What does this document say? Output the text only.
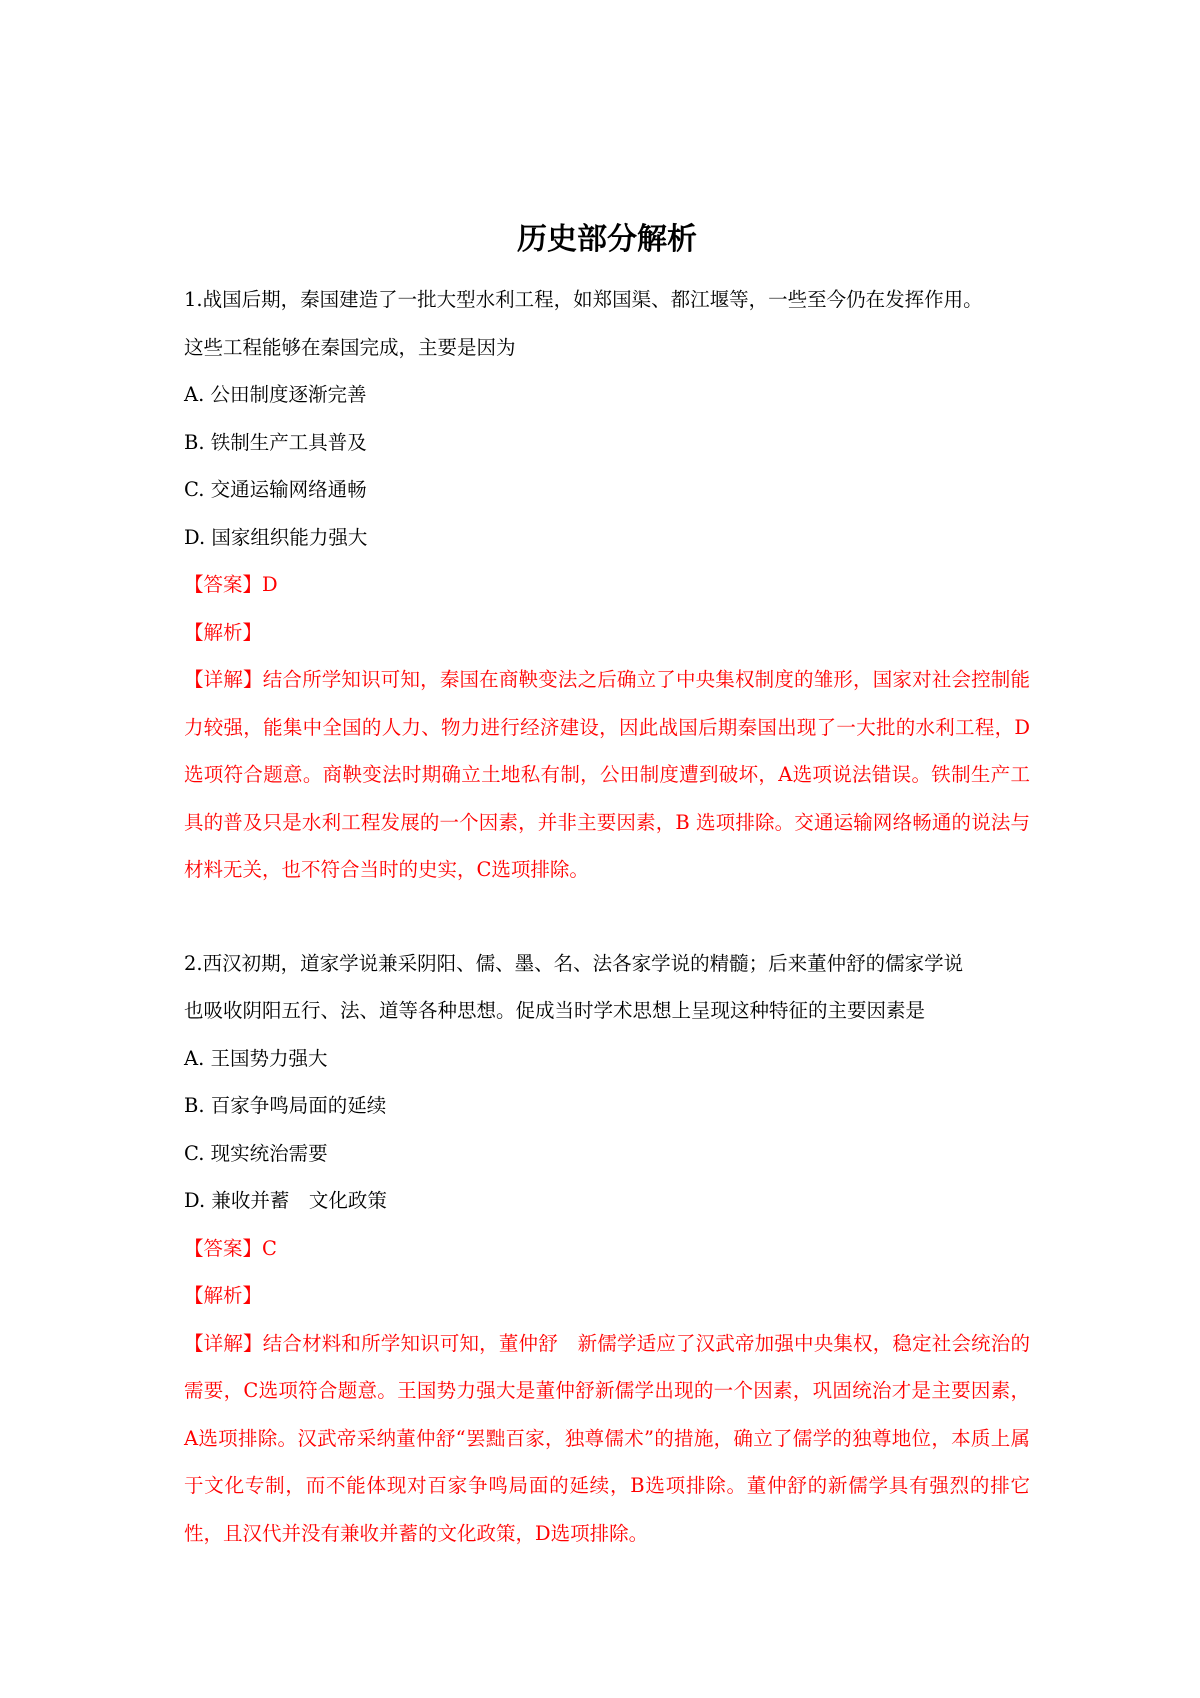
历史部分解析

1.战国后期，秦国建造了一批大型水利工程，如郑国渠、都江堰等，一些至今仍在发挥作用。

这些工程能够在秦国完成，主要是因为

A. 公田制度逐渐完善

B. 铁制生产工具普及

C. 交通运输网络通畅

D. 国家组织能力强大

【答案】D

【解析】

【详解】结合所学知识可知，秦国在商鞅变法之后确立了中央集权制度的雏形，国家对社会控制能力较强，能集中全国的人力、物力进行经济建设，因此战国后期秦国出现了一大批的水利工程，D选项符合题意。商鞅变法时期确立土地私有制，公田制度遭到破坏，A选项说法错误。铁制生产工具的普及只是水利工程发展的一个因素，并非主要因素，B 选项排除。交通运输网络畅通的说法与材料无关，也不符合当时的史实，C选项排除。

2.西汉初期，道家学说兼采阴阳、儒、墨、名、法各家学说的精髓；后来董仲舒的儒家学说

也吸收阴阳五行、法、道等各种思想。促成当时学术思想上呈现这种特征的主要因素是

A. 王国势力强大

B. 百家争鸣局面的延续

C. 现实统治需要

D. 兼收并蓄　文化政策

【答案】C

【解析】

【详解】结合材料和所学知识可知，董仲舒　新儒学适应了汉武帝加强中央集权，稳定社会统治的需要，C选项符合题意。王国势力强大是董仲舒新儒学出现的一个因素，巩固统治才是主要因素，A选项排除。汉武帝采纳董仲舒“罢黜百家，独尊儒术”的措施，确立了儒学的独尊地位，本质上属于文化专制，而不能体现对百家争鸣局面的延续，B选项排除。董仲舒的新儒学具有强烈的排它性，且汉代并没有兼收并蓄的文化政策，D选项排除。
